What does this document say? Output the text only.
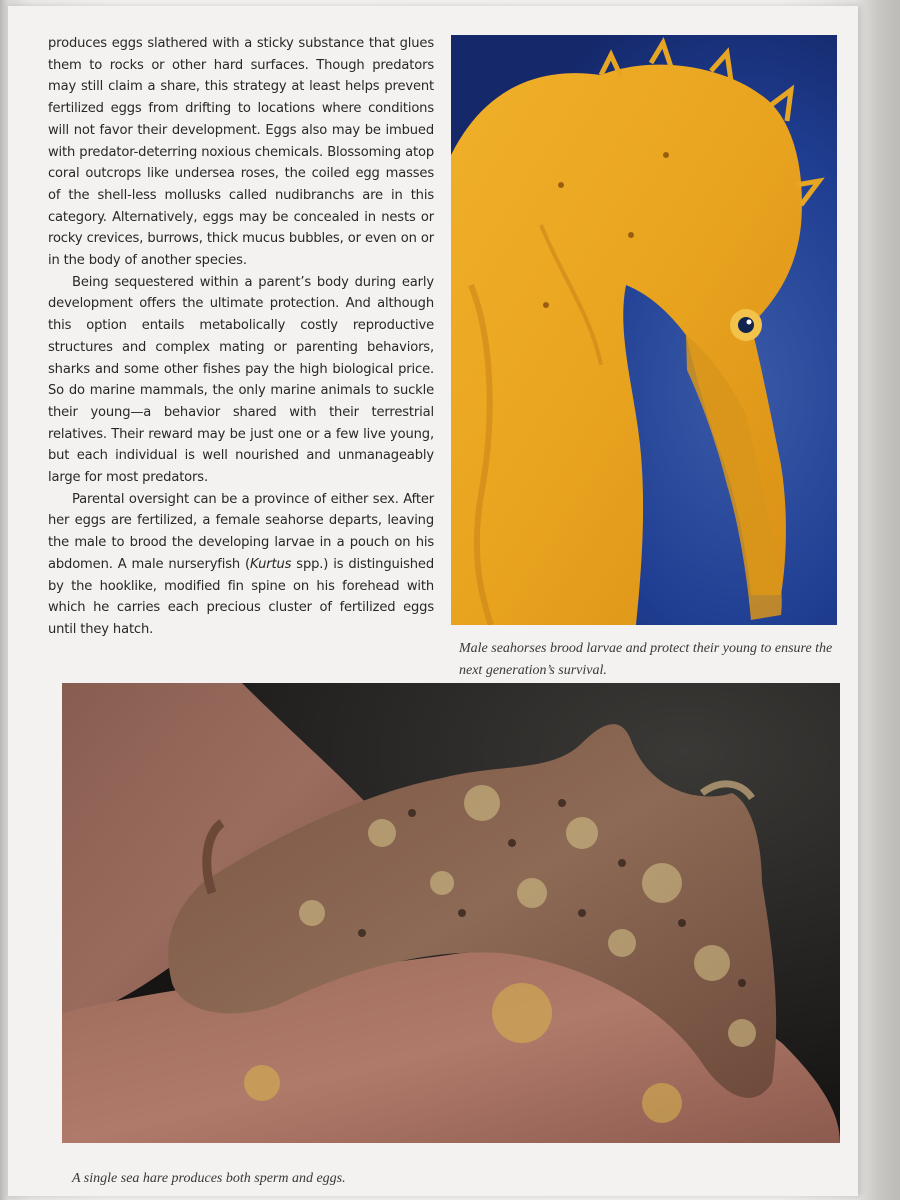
produces eggs slathered with a sticky substance that glues them to rocks or other hard surfaces. Though predators may still claim a share, this strategy at least helps prevent fertilized eggs from drifting to locations where conditions will not favor their development. Eggs also may be imbued with predator-deterring noxious chemicals. Blossoming atop coral outcrops like undersea roses, the coiled egg masses of the shell-less mollusks called nudibranchs are in this category. Alternatively, eggs may be concealed in nests or rocky crevices, burrows, thick mucus bubbles, or even on or in the body of another species.

Being sequestered within a parent’s body during early development offers the ultimate protection. And although this option entails metabolically costly reproductive structures and complex mating or parenting behaviors, sharks and some other fishes pay the high biological price. So do marine mammals, the only marine animals to suckle their young—a behavior shared with their terrestrial relatives. Their reward may be just one or a few live young, but each individual is well nourished and unmanageably large for most predators.

Parental oversight can be a province of either sex. After her eggs are fertilized, a female seahorse departs, leaving the male to brood the developing larvae in a pouch on his abdomen. A male nurseryfish (Kurtus spp.) is distinguished by the hooklike, modified fin spine on his forehead with which he carries each precious cluster of fertilized eggs until they hatch.

Male seahorses brood larvae and protect their young to ensure the next generation’s survival.
A single sea hare produces both sperm and eggs.
